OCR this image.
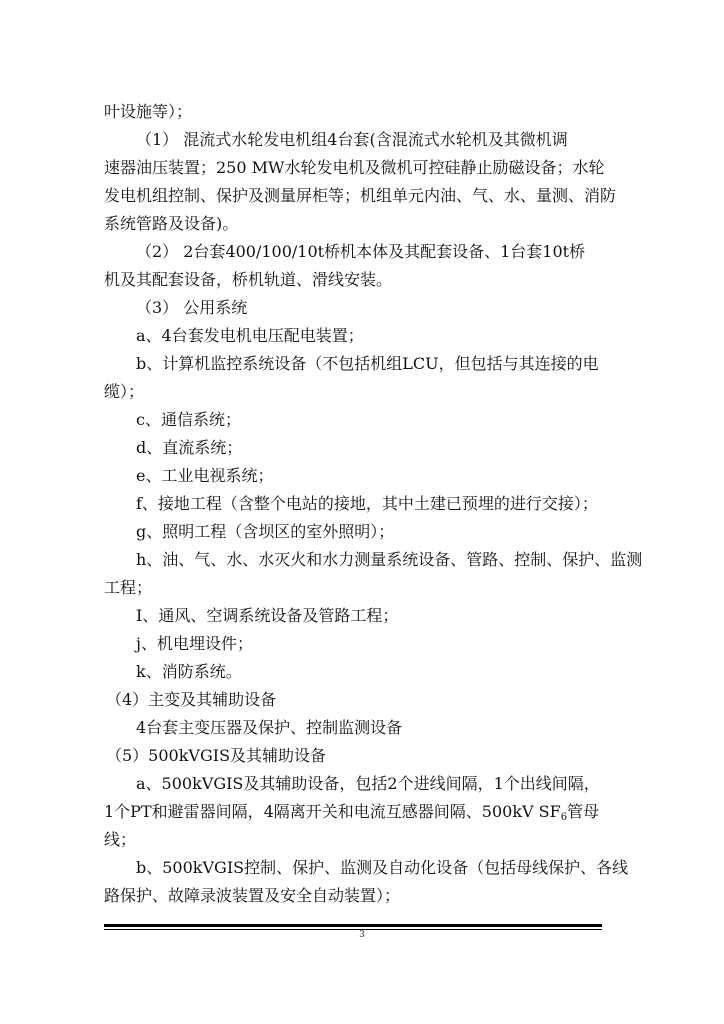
叶设施等）；
（1） 混流式水轮发电机组4台套(含混流式水轮机及其微机调
速器油压装置；250 MW水轮发电机及微机可控硅静止励磁设备；水轮
发电机组控制、保护及测量屏柜等；机组单元内油、气、水、量测、消防
系统管路及设备)。
（2） 2台套400/100/10t桥机本体及其配套设备、1台套10t桥
机及其配套设备，桥机轨道、滑线安装。
（3） 公用系统
a、4台套发电机电压配电装置；
b、计算机监控系统设备（不包括机组LCU，但包括与其连接的电
缆）；
c、通信系统；
d、直流系统；
e、工业电视系统；
f、接地工程（含整个电站的接地，其中土建已预埋的进行交接）；
g、照明工程（含坝区的室外照明）；
h、油、气、水、水灭火和水力测量系统设备、管路、控制、保护、监测
工程；
I、通风、空调系统设备及管路工程；
j、机电埋设件；
k、消防系统。
（4）主变及其辅助设备
4台套主变压器及保护、控制监测设备
（5）500kVGIS及其辅助设备
a、500kVGIS及其辅助设备，包括2个进线间隔，1个出线间隔，
1个PT和避雷器间隔，4隔离开关和电流互感器间隔、500kV $SF_6$管母
线；
b、500kVGIS控制、保护、监测及自动化设备（包括母线保护、各线
路保护、故障录波装置及安全自动装置）；
3
